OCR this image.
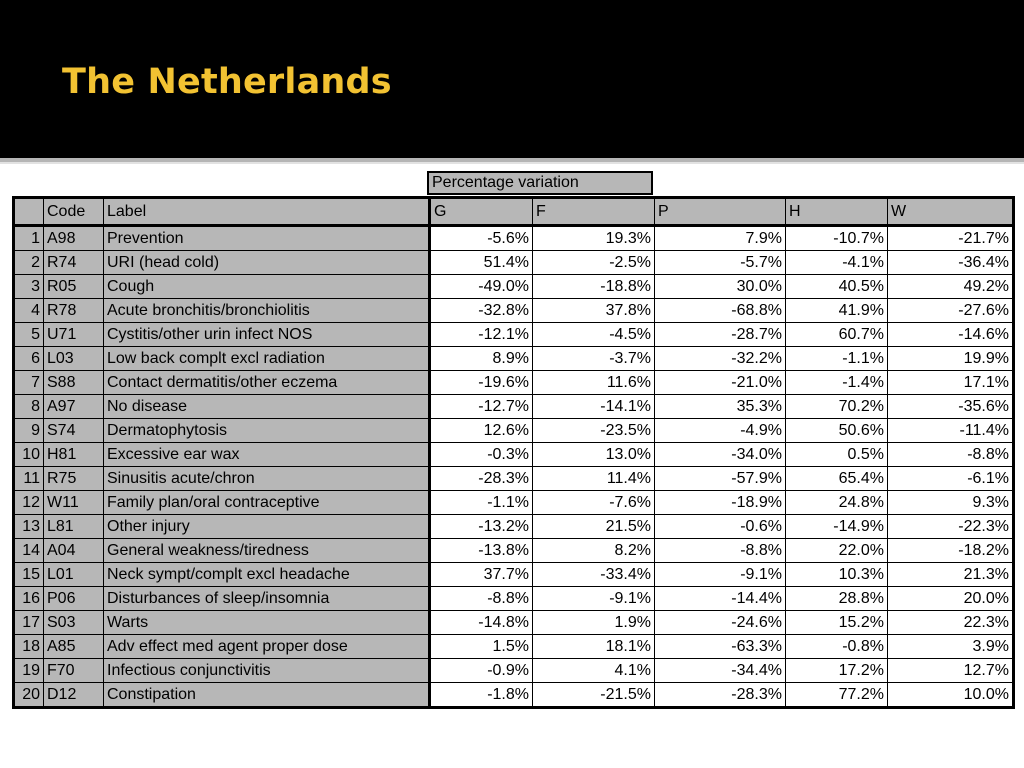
The Netherlands
Percentage variation
	Code	Label	G	F	P	H	W
1	A98	Prevention	-5.6%	19.3%	7.9%	-10.7%	-21.7%
2	R74	URI (head cold)	51.4%	-2.5%	-5.7%	-4.1%	-36.4%
3	R05	Cough	-49.0%	-18.8%	30.0%	40.5%	49.2%
4	R78	Acute bronchitis/bronchiolitis	-32.8%	37.8%	-68.8%	41.9%	-27.6%
5	U71	Cystitis/other urin infect NOS	-12.1%	-4.5%	-28.7%	60.7%	-14.6%
6	L03	Low back complt excl radiation	8.9%	-3.7%	-32.2%	-1.1%	19.9%
7	S88	Contact dermatitis/other eczema	-19.6%	11.6%	-21.0%	-1.4%	17.1%
8	A97	No disease	-12.7%	-14.1%	35.3%	70.2%	-35.6%
9	S74	Dermatophytosis	12.6%	-23.5%	-4.9%	50.6%	-11.4%
10	H81	Excessive ear wax	-0.3%	13.0%	-34.0%	0.5%	-8.8%
11	R75	Sinusitis acute/chron	-28.3%	11.4%	-57.9%	65.4%	-6.1%
12	W11	Family plan/oral contraceptive	-1.1%	-7.6%	-18.9%	24.8%	9.3%
13	L81	Other injury	-13.2%	21.5%	-0.6%	-14.9%	-22.3%
14	A04	General weakness/tiredness	-13.8%	8.2%	-8.8%	22.0%	-18.2%
15	L01	Neck sympt/complt excl headache	37.7%	-33.4%	-9.1%	10.3%	21.3%
16	P06	Disturbances of sleep/insomnia	-8.8%	-9.1%	-14.4%	28.8%	20.0%
17	S03	Warts	-14.8%	1.9%	-24.6%	15.2%	22.3%
18	A85	Adv effect med agent proper dose	1.5%	18.1%	-63.3%	-0.8%	3.9%
19	F70	Infectious conjunctivitis	-0.9%	4.1%	-34.4%	17.2%	12.7%
20	D12	Constipation	-1.8%	-21.5%	-28.3%	77.2%	10.0%
